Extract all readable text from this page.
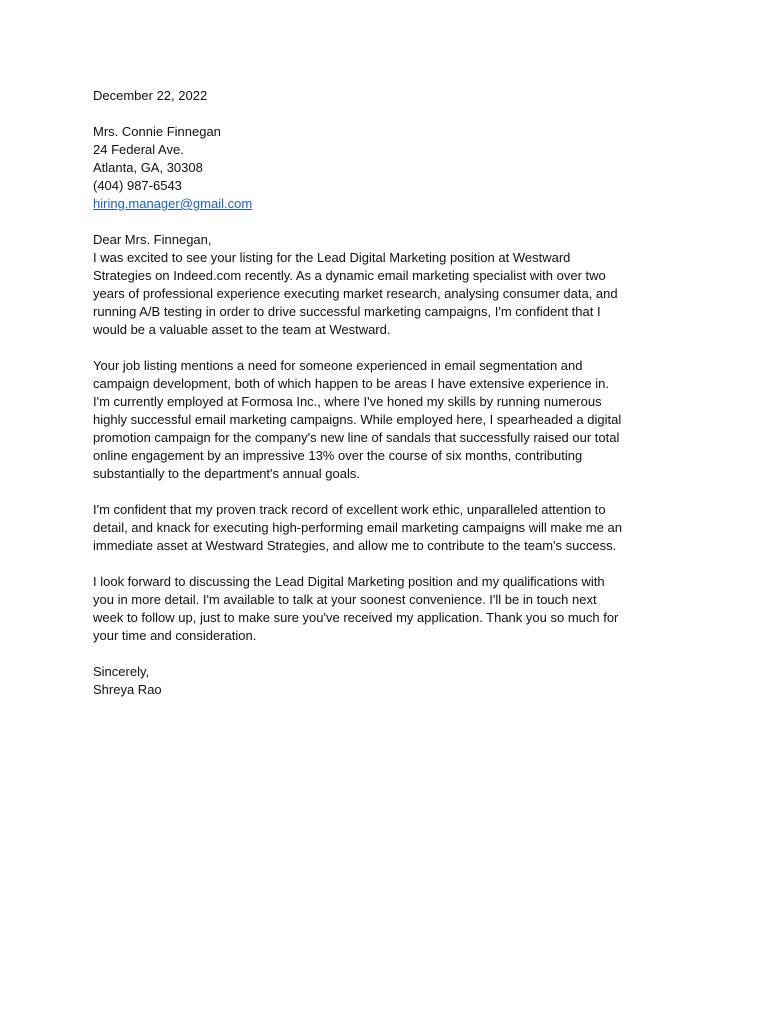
December 22, 2022
Mrs. Connie Finnegan
24 Federal Ave.
Atlanta, GA, 30308
(404) 987-6543
hiring.manager@gmail.com
Dear Mrs. Finnegan,

I was excited to see your listing for the Lead Digital Marketing position at Westward
Strategies on Indeed.com recently. As a dynamic email marketing specialist with over two
years of professional experience executing market research, analysing consumer data, and
running A/B testing in order to drive successful marketing campaigns, I'm confident that I
would be a valuable asset to the team at Westward.

Your job listing mentions a need for someone experienced in email segmentation and
campaign development, both of which happen to be areas I have extensive experience in.
I'm currently employed at Formosa Inc., where I've honed my skills by running numerous
highly successful email marketing campaigns. While employed here, I spearheaded a digital
promotion campaign for the company's new line of sandals that successfully raised our total
online engagement by an impressive 13% over the course of six months, contributing
substantially to the department's annual goals.

I'm confident that my proven track record of excellent work ethic, unparalleled attention to
detail, and knack for executing high-performing email marketing campaigns will make me an
immediate asset at Westward Strategies, and allow me to contribute to the team's success.

I look forward to discussing the Lead Digital Marketing position and my qualifications with
you in more detail. I'm available to talk at your soonest convenience. I'll be in touch next
week to follow up, just to make sure you've received my application. Thank you so much for
your time and consideration.

Sincerely,
Shreya Rao
